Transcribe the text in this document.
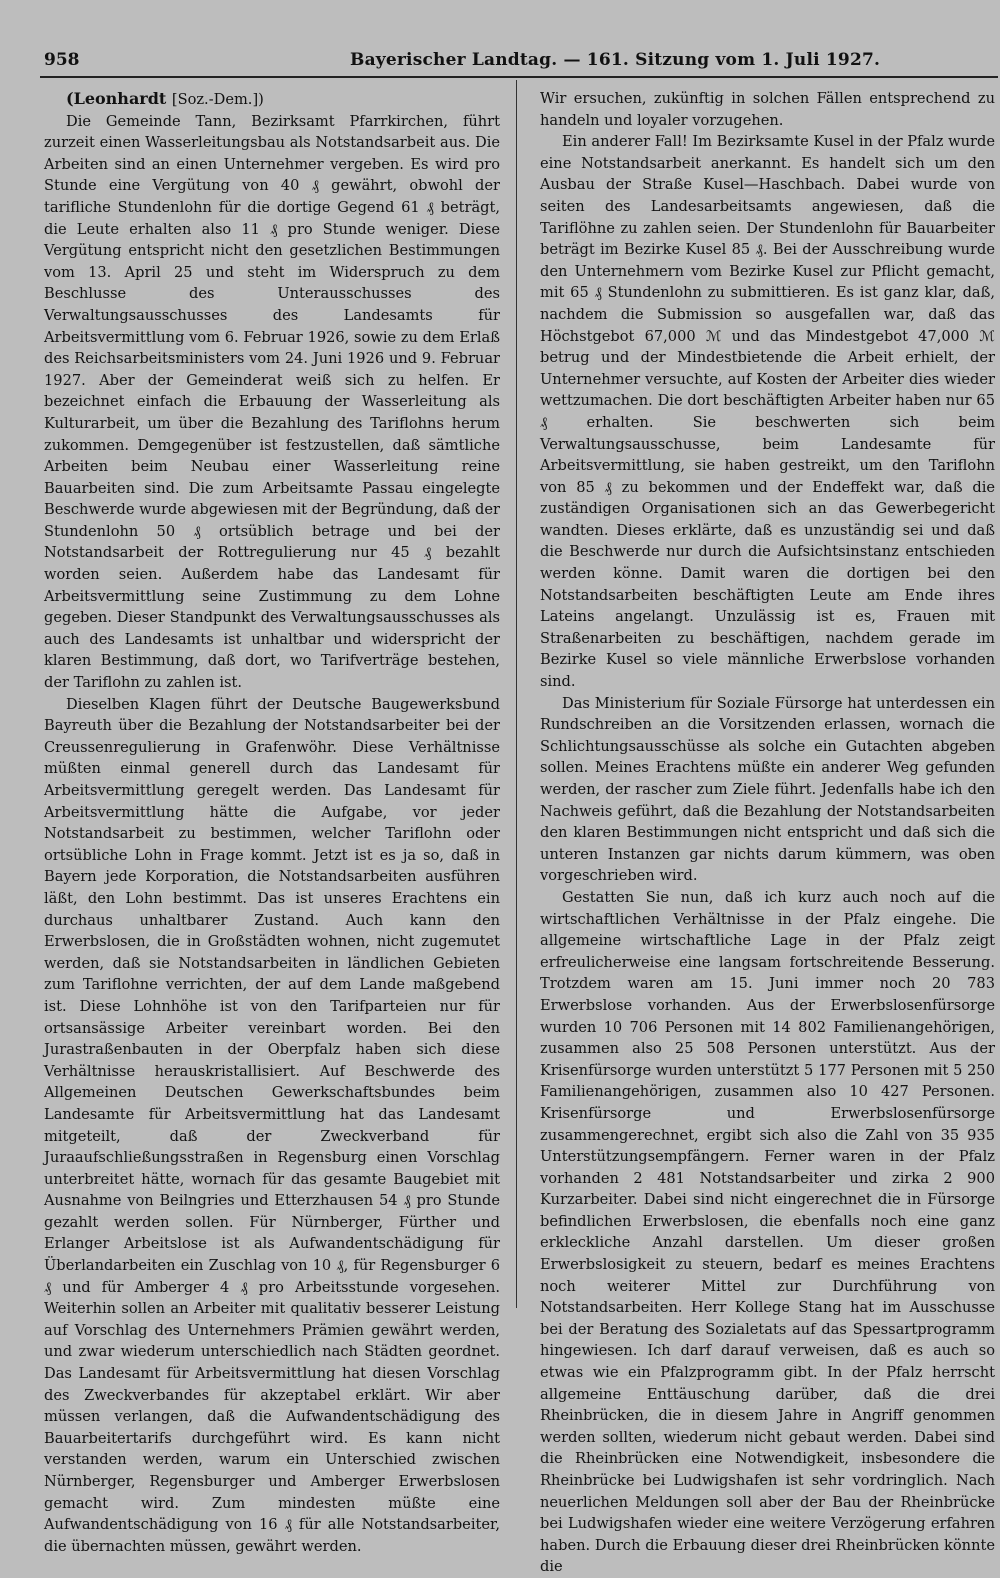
958	Bayerischer Landtag. — 161. Sitzung vom 1. Juli 1927.

(Leonhardt [Soz.-Dem.])

Die Gemeinde Tann, Bezirksamt Pfarrkirchen, führt zurzeit einen Wasserleitungsbau als Notstandsarbeit aus. Die Arbeiten sind an einen Unternehmer vergeben. Es wird pro Stunde eine Vergütung von 40 ₰ gewährt, obwohl der tarifliche Stundenlohn für die dortige Gegend 61 ₰ beträgt, die Leute erhalten also 11 ₰ pro Stunde weniger. Diese Vergütung entspricht nicht den gesetzlichen Bestimmungen vom 13. April 25 und steht im Widerspruch zu dem Beschlusse des Unterausschusses des Verwaltungsausschusses des Landesamts für Arbeitsvermittlung vom 6. Februar 1926, sowie zu dem Erlaß des Reichsarbeitsministers vom 24. Juni 1926 und 9. Februar 1927. Aber der Gemeinderat weiß sich zu helfen. Er bezeichnet einfach die Erbauung der Wasserleitung als Kulturarbeit, um über die Bezahlung des Tariflohns herum zukommen. Demgegenüber ist festzustellen, daß sämtliche Arbeiten beim Neubau einer Wasserleitung reine Bauarbeiten sind. Die zum Arbeitsamte Passau eingelegte Beschwerde wurde abgewiesen mit der Begründung, daß der Stundenlohn 50 ₰ ortsüblich betrage und bei der Notstandsarbeit der Rottregulierung nur 45 ₰ bezahlt worden seien. Außerdem habe das Landesamt für Arbeitsvermittlung seine Zustimmung zu dem Lohne gegeben. Dieser Standpunkt des Verwaltungsausschusses als auch des Landesamts ist unhaltbar und widerspricht der klaren Bestimmung, daß dort, wo Tarifverträge bestehen, der Tariflohn zu zahlen ist.

Dieselben Klagen führt der Deutsche Baugewerksbund Bayreuth über die Bezahlung der Notstandsarbeiter bei der Creussenregulierung in Grafenwöhr. Diese Verhältnisse müßten einmal generell durch das Landesamt für Arbeitsvermittlung geregelt werden. Das Landesamt für Arbeitsvermittlung hätte die Aufgabe, vor jeder Notstandsarbeit zu bestimmen, welcher Tariflohn oder ortsübliche Lohn in Frage kommt. Jetzt ist es ja so, daß in Bayern jede Korporation, die Notstandsarbeiten ausführen läßt, den Lohn bestimmt. Das ist unseres Erachtens ein durchaus unhaltbarer Zustand. Auch kann den Erwerbslosen, die in Großstädten wohnen, nicht zugemutet werden, daß sie Notstandsarbeiten in ländlichen Gebieten zum Tariflohne verrichten, der auf dem Lande maßgebend ist. Diese Lohnhöhe ist von den Tarifparteien nur für ortsansässige Arbeiter vereinbart worden. Bei den Jurastraßenbauten in der Oberpfalz haben sich diese Verhältnisse herauskristallisiert. Auf Beschwerde des Allgemeinen Deutschen Gewerkschaftsbundes beim Landesamte für Arbeitsvermittlung hat das Landesamt mitgeteilt, daß der Zweckverband für Juraaufschließungsstraßen in Regensburg einen Vorschlag unterbreitet hätte, wornach für das gesamte Baugebiet mit Ausnahme von Beilngries und Etterzhausen 54 ₰ pro Stunde gezahlt werden sollen. Für Nürnberger, Fürther und Erlanger Arbeitslose ist als Aufwandentschädigung für Überlandarbeiten ein Zuschlag von 10 ₰, für Regensburger 6 ₰ und für Amberger 4 ₰ pro Arbeitsstunde vorgesehen. Weiterhin sollen an Arbeiter mit qualitativ besserer Leistung auf Vorschlag des Unternehmers Prämien gewährt werden, und zwar wiederum unterschiedlich nach Städten geordnet. Das Landesamt für Arbeitsvermittlung hat diesen Vorschlag des Zweckverbandes für akzeptabel erklärt. Wir aber müssen verlangen, daß die Aufwandentschädigung des Bauarbeitertarifs durchgeführt wird. Es kann nicht verstanden werden, warum ein Unterschied zwischen Nürnberger, Regensburger und Amberger Erwerbslosen gemacht wird. Zum mindesten müßte eine Aufwandentschädigung von 16 ₰ für alle Notstandsarbeiter, die übernachten müssen, gewährt werden.

Wir ersuchen, zukünftig in solchen Fällen entsprechend zu handeln und loyaler vorzugehen.

Ein anderer Fall! Im Bezirksamte Kusel in der Pfalz wurde eine Notstandsarbeit anerkannt. Es handelt sich um den Ausbau der Straße Kusel—Haschbach. Dabei wurde von seiten des Landesarbeitsamts angewiesen, daß die Tariflöhne zu zahlen seien. Der Stundenlohn für Bauarbeiter beträgt im Bezirke Kusel 85 ₰. Bei der Ausschreibung wurde den Unternehmern vom Bezirke Kusel zur Pflicht gemacht, mit 65 ₰ Stundenlohn zu submittieren. Es ist ganz klar, daß, nachdem die Submission so ausgefallen war, daß das Höchstgebot 67,000 ℳ und das Mindestgebot 47,000 ℳ betrug und der Mindestbietende die Arbeit erhielt, der Unternehmer versuchte, auf Kosten der Arbeiter dies wieder wettzumachen. Die dort beschäftigten Arbeiter haben nur 65 ₰ erhalten. Sie beschwerten sich beim Verwaltungsausschusse, beim Landesamte für Arbeitsvermittlung, sie haben gestreikt, um den Tariflohn von 85 ₰ zu bekommen und der Endeffekt war, daß die zuständigen Organisationen sich an das Gewerbegericht wandten. Dieses erklärte, daß es unzuständig sei und daß die Beschwerde nur durch die Aufsichtsinstanz entschieden werden könne. Damit waren die dortigen bei den Notstandsarbeiten beschäftigten Leute am Ende ihres Lateins angelangt. Unzulässig ist es, Frauen mit Straßenarbeiten zu beschäftigen, nachdem gerade im Bezirke Kusel so viele männliche Erwerbslose vorhanden sind.

Das Ministerium für Soziale Fürsorge hat unterdessen ein Rundschreiben an die Vorsitzenden erlassen, wornach die Schlichtungsausschüsse als solche ein Gutachten abgeben sollen. Meines Erachtens müßte ein anderer Weg gefunden werden, der rascher zum Ziele führt. Jedenfalls habe ich den Nachweis geführt, daß die Bezahlung der Notstandsarbeiten den klaren Bestimmungen nicht entspricht und daß sich die unteren Instanzen gar nichts darum kümmern, was oben vorgeschrieben wird.

Gestatten Sie nun, daß ich kurz auch noch auf die wirtschaftlichen Verhältnisse in der Pfalz eingehe. Die allgemeine wirtschaftliche Lage in der Pfalz zeigt erfreulicherweise eine langsam fortschreitende Besserung. Trotzdem waren am 15. Juni immer noch 20 783 Erwerbslose vorhanden. Aus der Erwerbslosenfürsorge wurden 10 706 Personen mit 14 802 Familienangehörigen, zusammen also 25 508 Personen unterstützt. Aus der Krisenfürsorge wurden unterstützt 5 177 Personen mit 5 250 Familienangehörigen, zusammen also 10 427 Personen. Krisenfürsorge und Erwerbslosenfürsorge zusammengerechnet, ergibt sich also die Zahl von 35 935 Unterstützungsempfängern. Ferner waren in der Pfalz vorhanden 2 481 Notstandsarbeiter und zirka 2 900 Kurzarbeiter. Dabei sind nicht eingerechnet die in Fürsorge befindlichen Erwerbslosen, die ebenfalls noch eine ganz erkleckliche Anzahl darstellen. Um dieser großen Erwerbslosigkeit zu steuern, bedarf es meines Erachtens noch weiterer Mittel zur Durchführung von Notstandsarbeiten. Herr Kollege Stang hat im Ausschusse bei der Beratung des Sozialetats auf das Spessartprogramm hingewiesen. Ich darf darauf verweisen, daß es auch so etwas wie ein Pfalzprogramm gibt. In der Pfalz herrscht allgemeine Enttäuschung darüber, daß die drei Rheinbrücken, die in diesem Jahre in Angriff genommen werden sollten, wiederum nicht gebaut werden. Dabei sind die Rheinbrücken eine Notwendigkeit, insbesondere die Rheinbrücke bei Ludwigshafen ist sehr vordringlich. Nach neuerlichen Meldungen soll aber der Bau der Rheinbrücke bei Ludwigshafen wieder eine weitere Verzögerung erfahren haben. Durch die Erbauung dieser drei Rheinbrücken könnte die
